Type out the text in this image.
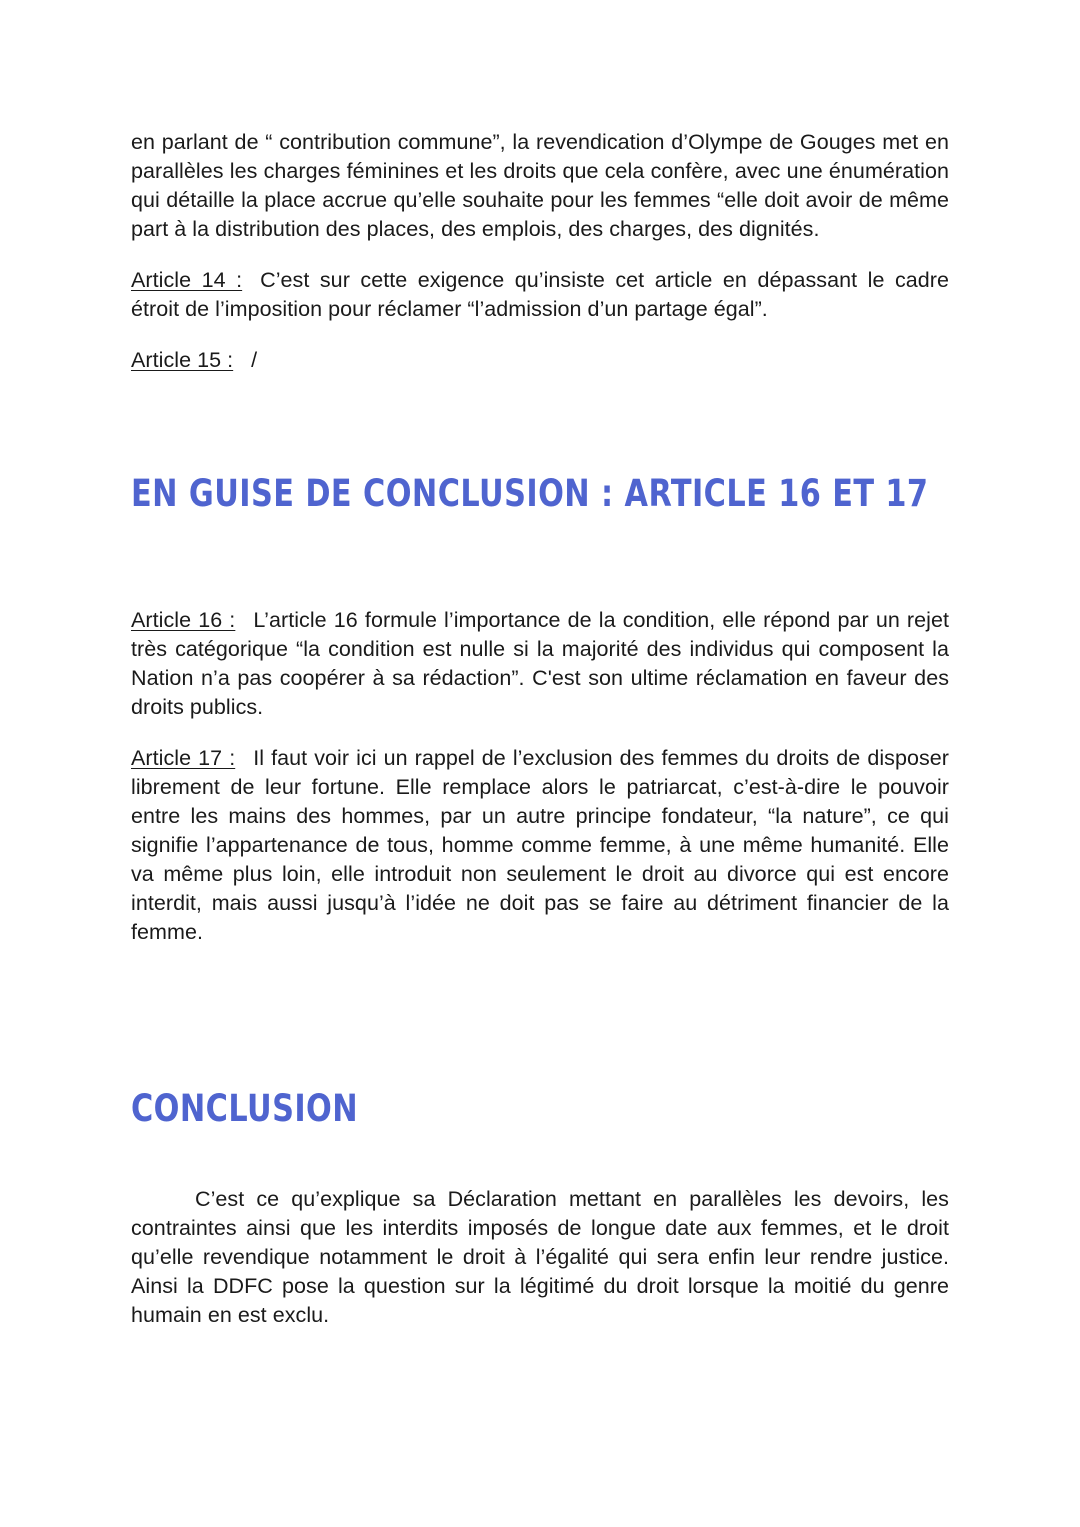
en parlant de “ contribution commune”, la revendication d’Olympe de Gouges met en parallèles les charges féminines et les droits que cela confère, avec une énumération qui détaille la place accrue qu’elle souhaite pour les femmes “elle doit avoir de même part à la distribution des places, des emplois, des charges, des dignités.

Article 14 : C’est sur cette exigence qu’insiste cet article en dépassant le cadre étroit de l’imposition pour réclamer “l’admission d’un partage égal”.

Article 15 : /

EN GUISE DE CONCLUSION : ARTICLE 16 ET 17

Article 16 : L’article 16 formule l’importance de la condition, elle répond par un rejet très catégorique “la condition est nulle si la majorité des individus qui composent la Nation n’a pas coopérer à sa rédaction”. C'est son ultime réclamation en faveur des droits publics.

Article 17 : Il faut voir ici un rappel de l’exclusion des femmes du droits de disposer librement de leur fortune. Elle remplace alors le patriarcat, c’est-à-dire le pouvoir entre les mains des hommes, par un autre principe fondateur, “la nature”, ce qui signifie l’appartenance de tous, homme comme femme, à une même humanité. Elle va même plus loin, elle introduit non seulement le droit au divorce qui est encore interdit, mais aussi jusqu’à l’idée ne doit pas se faire au détriment financier de la femme.

CONCLUSION

C’est ce qu’explique sa Déclaration mettant en parallèles les devoirs, les contraintes ainsi que les interdits imposés de longue date aux femmes, et le droit qu’elle revendique notamment le droit à l’égalité qui sera enfin leur rendre justice. Ainsi la DDFC pose la question sur la légitimé du droit lorsque la moitié du genre humain en est exclu.
